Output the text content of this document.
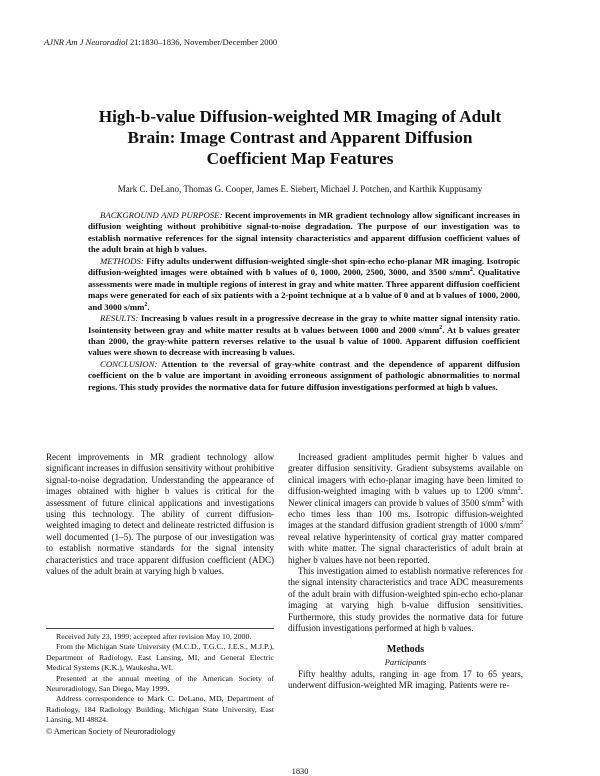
AJNR Am J Neuroradiol 21:1830–1836, November/December 2000
High-b-value Diffusion-weighted MR Imaging of Adult
Brain: Image Contrast and Apparent Diffusion
Coefficient Map Features
Mark C. DeLano, Thomas G. Cooper, James E. Siebert, Michael J. Potchen, and Karthik Kuppusamy

BACKGROUND AND PURPOSE: Recent improvements in MR gradient technology allow significant increases in diffusion weighting without prohibitive signal-to-noise degradation. The purpose of our investigation was to establish normative references for the signal intensity characteristics and apparent diffusion coefficient values of the adult brain at high b values.

METHODS: Fifty adults underwent diffusion-weighted single-shot spin-echo echo-planar MR imaging. Isotropic diffusion-weighted images were obtained with b values of 0, 1000, 2000, 2500, 3000, and 3500 $s/mm^2$. Qualitative assessments were made in multiple regions of interest in gray and white matter. Three apparent diffusion coefficient maps were generated for each of six patients with a 2-point technique at a b value of 0 and at b values of 1000, 2000, and 3000 $s/mm^2$.

RESULTS: Increasing b values result in a progressive decrease in the gray to white matter signal intensity ratio. Isointensity between gray and white matter results at b values between 1000 and 2000 $s/mm^2$. At b values greater than 2000, the gray-white pattern reverses relative to the usual b value of 1000. Apparent diffusion coefficient values were shown to decrease with increasing b values.

CONCLUSION: Attention to the reversal of gray-white contrast and the dependence of apparent diffusion coefficient on the b value are important in avoiding erroneous assignment of pathologic abnormalities to normal regions. This study provides the normative data for future diffusion investigations performed at high b values.

Recent improvements in MR gradient technology allow significant increases in diffusion sensitivity without prohibitive signal-to-noise degradation. Understanding the appearance of images obtained with higher b values is critical for the assessment of future clinical applications and investigations using this technology. The ability of current diffusion-weighted imaging to detect and delineate restricted diffusion is well documented (1–5). The purpose of our investigation was to establish normative standards for the signal intensity characteristics and trace apparent diffusion coefficient (ADC) values of the adult brain at varying high b values.

Received July 23, 1999; accepted after revision May 10, 2000.

From the Michigan State University (M.C.D., T.G.C., J.E.S., M.J.P.), Department of Radiology, East Lansing, MI, and General Electric Medical Systems (K.K.), Waukesha, WI.

Presented at the annual meeting of the American Society of Neuroradiology, San Diego, May 1999.

Address correspondence to Mark C. DeLano, MD, Department of Radiology, 184 Radiology Building, Michigan State University, East Lansing, MI 48824.

© American Society of Neuroradiology

Increased gradient amplitudes permit higher b values and greater diffusion sensitivity. Gradient subsystems available on clinical imagers with echo-planar imaging have been limited to diffusion-weighted imaging with b values up to 1200 $s/mm^2$. Newer clinical imagers can provide b values of 3500 $s/mm^2$ with echo times less than 100 ms. Isotropic diffusion-weighted images at the standard diffusion gradient strength of 1000 $s/mm^2$ reveal relative hyperintensity of cortical gray matter compared with white matter. The signal characteristics of adult brain at higher b values have not been reported.

This investigation aimed to establish normative references for the signal intensity characteristics and trace ADC measurements of the adult brain with diffusion-weighted spin-echo echo-planar imaging at varying high b-value diffusion sensitivities. Furthermore, this study provides the normative data for future diffusion investigations performed at high b values.

Methods
Participants

Fifty healthy adults, ranging in age from 17 to 65 years, underwent diffusion-weighted MR imaging. Patients were re-

1830
